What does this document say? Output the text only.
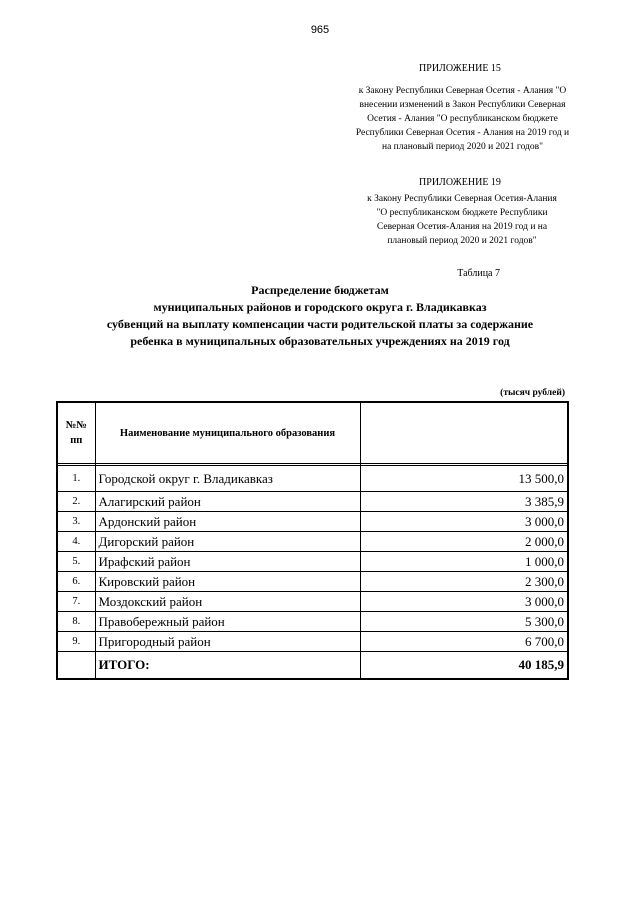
965
ПРИЛОЖЕНИЕ 15
к Закону Республики Северная Осетия - Алания "О внесении изменений в Закон Республики Северная Осетия - Алания "О республиканском бюджете Республики Северная Осетия - Алания на 2019 год и на плановый период 2020 и 2021 годов"
ПРИЛОЖЕНИЕ 19
к Закону Республики Северная Осетия-Алания "О республиканском бюджете Республики Северная Осетия-Алания на 2019 год и на плановый период 2020 и 2021 годов"
Таблица 7
Распределение бюджетам
муниципальных районов и городского округа г. Владикавказ
субвенций на выплату компенсации части родительской платы за содержание
ребенка в муниципальных образовательных учреждениях на 2019 год
(тысяч рублей)
№№ пп	Наименование муниципального образования	

1.	Городской округ г. Владикавказ	13 500,0
2.	Алагирский район	3 385,9
3.	Ардонский район	3 000,0
4.	Дигорский район	2 000,0
5.	Ирафский район	1 000,0
6.	Кировский район	2 300,0
7.	Моздокский район	3 000,0
8.	Правобережный район	5 300,0
9.	Пригородный район	6 700,0
	ИТОГО:	40 185,9
